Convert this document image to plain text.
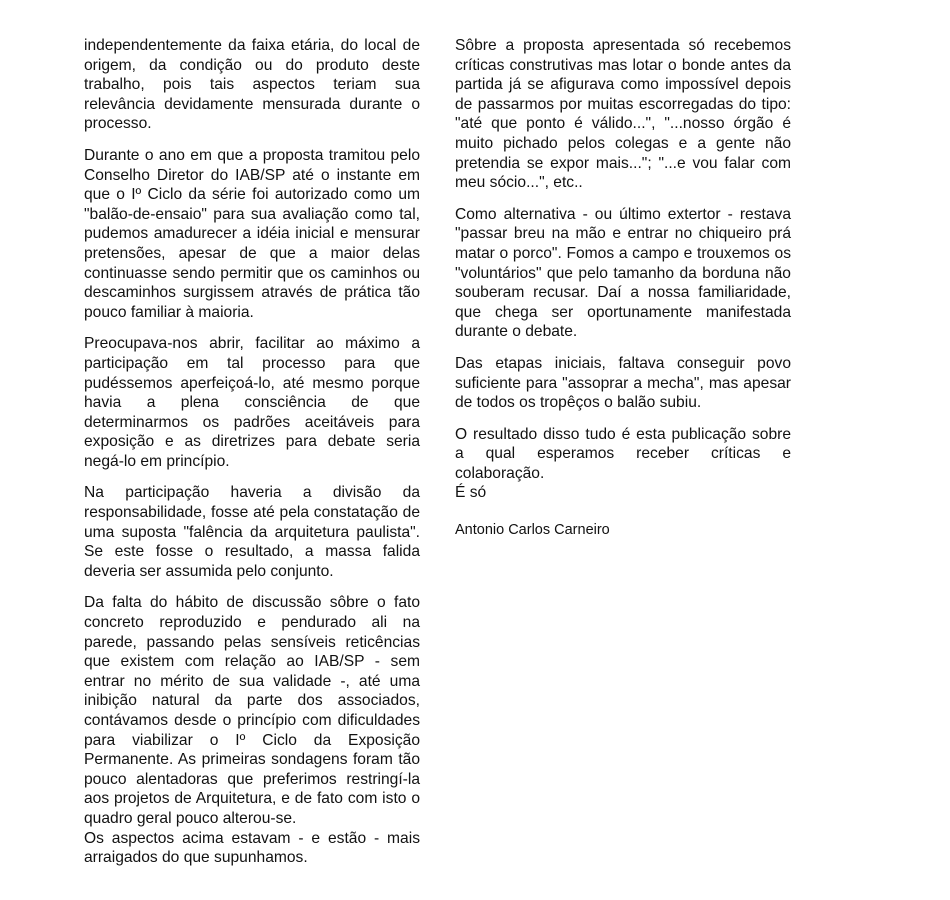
independentemente da faixa etária, do local de origem, da condição ou do produto deste trabalho, pois tais aspectos teriam sua relevância devidamente mensurada durante o processo.

Durante o ano em que a proposta tramitou pelo Conselho Diretor do IAB/SP até o instante em que o Iº Ciclo da série foi autorizado como um "balão-de-ensaio" para sua avaliação como tal, pudemos amadurecer a idéia inicial e mensurar pretensões, apesar de que a maior delas continuasse sendo permitir que os caminhos ou descaminhos surgissem através de prática tão pouco familiar à maioria.

Preocupava-nos abrir, facilitar ao máximo a participação em tal processo para que pudéssemos aperfeiçoá-lo, até mesmo porque havia a plena consciência de que determinarmos os padrões aceitáveis para exposição e as diretrizes para debate seria negá-lo em princípio.

Na participação haveria a divisão da responsabilidade, fosse até pela constatação de uma suposta "falência da arquitetura paulista". Se este fosse o resultado, a massa falida deveria ser assumida pelo conjunto.

Da falta do hábito de discussão sôbre o fato concreto reproduzido e pendurado ali na parede, passando pelas sensíveis reticências que existem com relação ao IAB/SP - sem entrar no mérito de sua validade -, até uma inibição natural da parte dos associados, contávamos desde o princípio com dificuldades para viabilizar o Iº Ciclo da Exposição Permanente. As primeiras sondagens foram tão pouco alentadoras que preferimos restringí-la aos projetos de Arquitetura, e de fato com isto o quadro geral pouco alterou-se.

Os aspectos acima estavam - e estão - mais arraigados do que supunhamos.

Sôbre a proposta apresentada só recebemos críticas construtivas mas lotar o bonde antes da partida já se afigurava como impossível depois de passarmos por muitas escorregadas do tipo: "até que ponto é válido...", "...nosso órgão é muito pichado pelos colegas e a gente não pretendia se expor mais..."; "...e vou falar com meu sócio...", etc..

Como alternativa - ou último extertor - restava "passar breu na mão e entrar no chiqueiro prá matar o porco". Fomos a campo e trouxemos os "voluntários" que pelo tamanho da borduna não souberam recusar. Daí a nossa familiaridade, que chega ser oportunamente manifestada durante o debate.

Das etapas iniciais, faltava conseguir povo suficiente para "assoprar a mecha", mas apesar de todos os tropêços o balão subiu.

O resultado disso tudo é esta publicação sobre a qual esperamos receber críticas e colaboração.

É só

Antonio Carlos Carneiro
